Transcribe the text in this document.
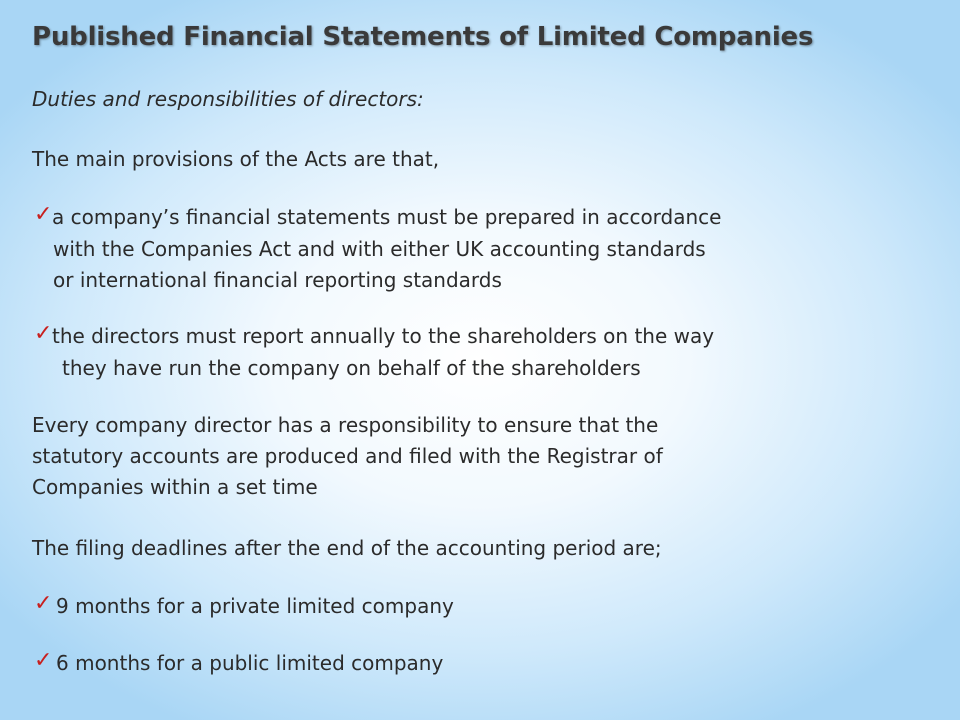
Published Financial Statements of Limited Companies

Duties and responsibilities of directors:

The main provisions of the Acts are that,

✓ a company’s financial statements must be prepared in accordance

with the Companies Act and with either UK accounting standards

or international financial reporting standards

✓ the directors must report annually to the shareholders on the way

they have run the company on behalf of the shareholders

Every company director has a responsibility to ensure that the

statutory accounts are produced and filed with the Registrar of

Companies within a set time

The filing deadlines after the end of the accounting period are;

✓ 9 months for a private limited company

✓ 6 months for a public limited company
